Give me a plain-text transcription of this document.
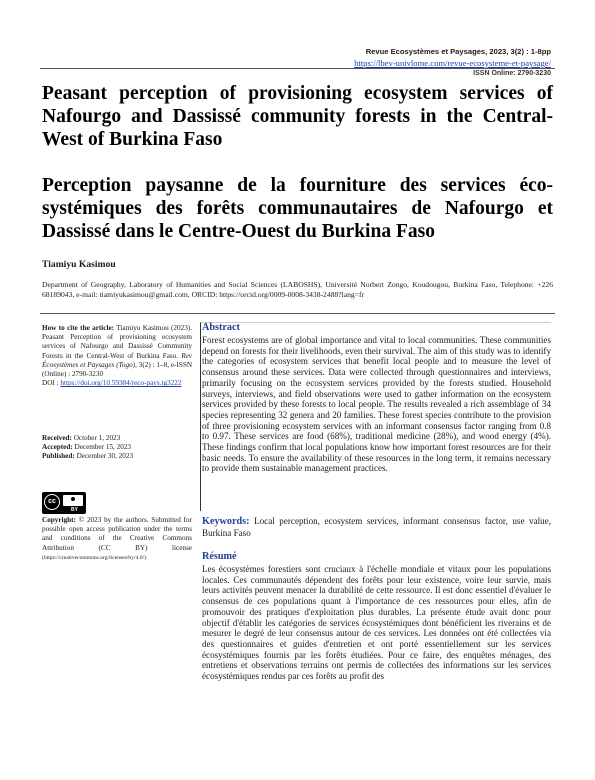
Revue Ecosystèmes et Paysages, 2023, 3(2) : 1-8pp
https://lbev-univlome.com/revue-ecosysteme-et-paysage/
ISSN Online: 2790-3230
Peasant perception of provisioning ecosystem services of Nafourgo and Dassissé community forests in the Central-West of Burkina Faso
Perception paysanne de la fourniture des services éco-systémiques des forêts communautaires de Nafourgo et Dassissé dans le Centre-Ouest du Burkina Faso
Tiamiyu Kasimou
Department of Geography, Laboratory of Humanities and Social Sciences (LABOSHS), Université Norbert Zongo, Koudougou, Burkina Faso, Telephone: +226 68189043, e-mail: tiamiyukasimou@gmail.com, ORCID: https://orcid.org/0009-0008-3438-2488?lang=fr
How to cite the article: Tiamiyu Kasimou (2023). Peasant Perception of provisioning ecosystem services of Nafourgo and Dassissé Community Forests in the Central-West of Burkina Faso. Rev Écosystèmes et Paysages (Togo), 3(2) : 1–8, e-ISSN (Online) : 2790-3230
DOI : https://doi.org/10.59384/reco-pays.tg3222
Received: October 1, 2023
Accepted: December 15, 2023
Published: December 30, 2023
cc
BY
Copyright: © 2023 by the authors. Submitted for possible open access publication under the terms and conditions of the Creative Commons Attribution (CC BY) license (https://creativecommons.org/licenses/by/4.0/).
Abstract
Forest ecosystems are of global importance and vital to local communities. These communities depend on forests for their livelihoods, even their survival. The aim of this study was to identify the categories of ecosystem services that benefit local people and to measure the level of consensus around these services. Data were collected through questionnaires and interviews, primarily focusing on the ecosystem services provided by the forests studied. Household surveys, interviews, and field observations were used to gather information on the ecosystem services provided by these forests to local people. The results revealed a rich assemblage of 34 species representing 32 genera and 20 families. These forest species contribute to the provision of three provisioning ecosystem services with an informant consensus factor ranging from 0.8 to 0.97. These services are food (68%), traditional medicine (28%), and wood energy (4%). These findings confirm that local populations know how important forest resources are for their basic needs. To ensure the availability of these resources in the long term, it remains necessary to provide them sustainable management practices.
Keywords: Local perception, ecosystem services, informant consensus factor, use value, Burkina Faso
Résumé
Les écosystèmes forestiers sont cruciaux à l'échelle mondiale et vitaux pour les populations locales. Ces communautés dépendent des forêts pour leur existence, voire leur survie, mais leurs activités peuvent menacer la durabilité de cette ressource. Il est donc essentiel d'évaluer le consensus de ces populations quant à l'importance de ces ressources pour elles, afin de promouvoir des pratiques d'exploitation plus durables. La présente étude avait donc pour objectif d'établir les catégories de services écosystémiques dont bénéficient les riverains et de mesurer le degré de leur consensus autour de ces services. Les données ont été collectées via des questionnaires et guides d'entretien et ont porté essentiellement sur les services écosystémiques fournis par les forêts étudiées. Pour ce faire, des enquêtes ménages, des entretiens et observations terrains ont permis de collectées des informations sur les services écosystémiques rendus par ces forêts au profit des
